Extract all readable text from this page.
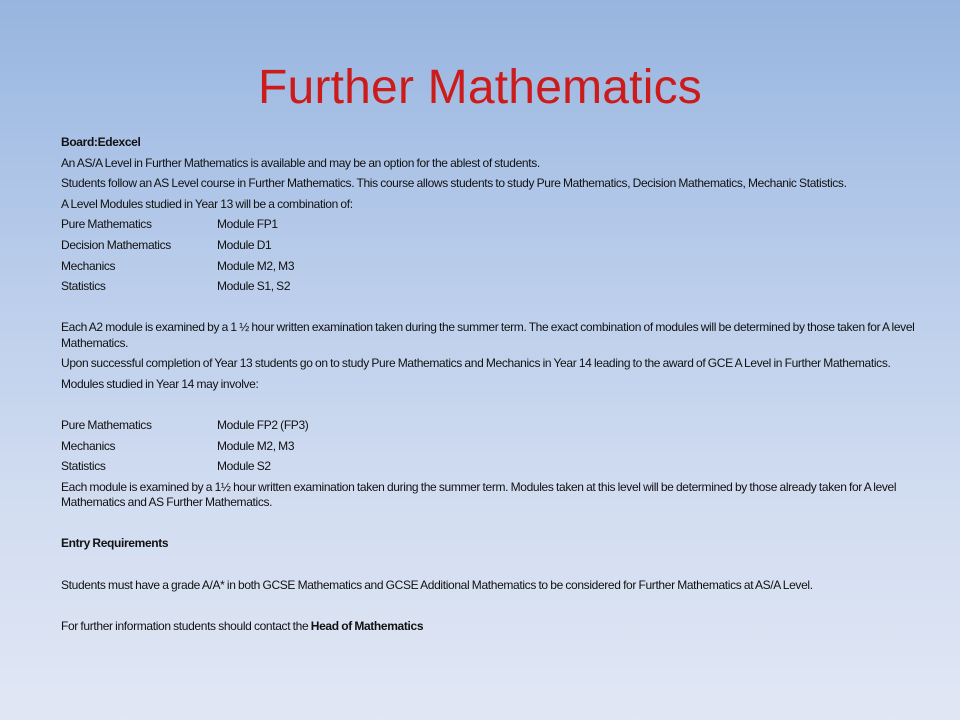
Further Mathematics
Board:Edexcel
An AS/A Level in Further Mathematics is available and may be an option for the ablest of students.
Students follow an AS Level course in Further Mathematics. This course allows students to study Pure Mathematics, Decision Mathematics, Mechanic Statistics.
A Level Modules studied in Year 13 will be a combination of:
Pure Mathematics	Module FP1
Decision Mathematics	Module D1
Mechanics	Module M2, M3
Statistics	Module S1, S2
Each A2 module is examined by a 1 ½ hour written examination taken during the summer term. The exact combination of modules will be determined by those taken for A level Mathematics.
Upon successful completion of Year 13 students go on to study Pure Mathematics and Mechanics in Year 14 leading to the award of GCE A Level in Further Mathematics.
Modules studied in Year 14 may involve:
Pure Mathematics	Module FP2 (FP3)
Mechanics	Module M2, M3
Statistics	Module S2
Each module is examined by a 1½ hour written examination taken during the summer term. Modules taken at this level will be determined by those already taken for A level Mathematics and AS Further Mathematics.
Entry Requirements
Students must have a grade A/A* in both GCSE Mathematics and GCSE Additional Mathematics to be considered for Further Mathematics at AS/A Level.
For further information students should contact the Head of Mathematics
